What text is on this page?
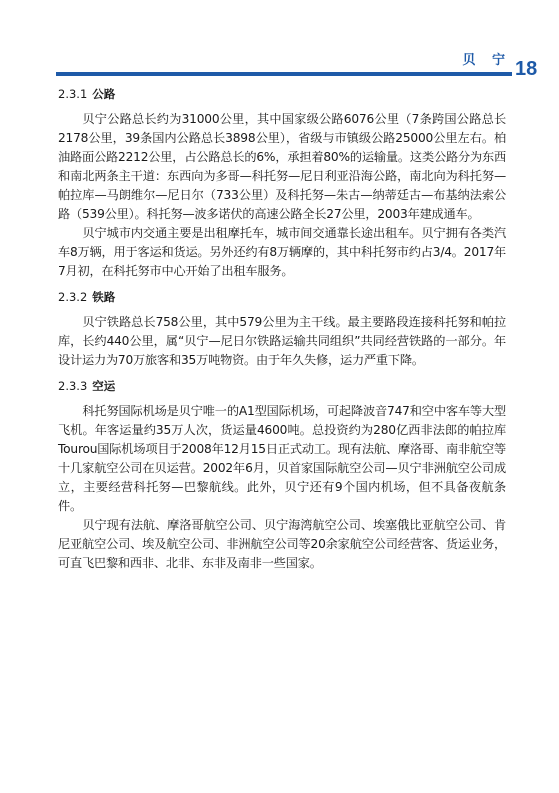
贝 宁 18
2.3.1 公路

贝宁公路总长约为31000公里，其中国家级公路6076公里（7条跨国公路总长2178公里，39条国内公路总长3898公里），省级与市镇级公路25000公里左右。柏油路面公路2212公里，占公路总长的6%，承担着80%的运输量。这类公路分为东西和南北两条主干道：东西向为多哥—科托努—尼日利亚沿海公路，南北向为科托努—帕拉库—马朗维尔—尼日尔（733公里）及科托努—朱古—纳蒂廷古—布基纳法索公路（539公里）。科托努—波多诺伏的高速公路全长27公里，2003年建成通车。

贝宁城市内交通主要是出租摩托车，城市间交通靠长途出租车。贝宁拥有各类汽车8万辆，用于客运和货运。另外还约有8万辆摩的，其中科托努市约占3/4。2017年7月初，在科托努市中心开始了出租车服务。

2.3.2 铁路

贝宁铁路总长758公里，其中579公里为主干线。最主要路段连接科托努和帕拉库，长约440公里，属“贝宁—尼日尔铁路运输共同组织”共同经营铁路的一部分。年设计运力为70万旅客和35万吨物资。由于年久失修，运力严重下降。

2.3.3 空运

科托努国际机场是贝宁唯一的A1型国际机场，可起降波音747和空中客车等大型飞机。年客运量约35万人次，货运量4600吨。总投资约为280亿西非法郎的帕拉库Tourou国际机场项目于2008年12月15日正式动工。现有法航、摩洛哥、南非航空等十几家航空公司在贝运营。2002年6月，贝首家国际航空公司—贝宁非洲航空公司成立，主要经营科托努—巴黎航线。此外，贝宁还有9个国内机场，但不具备夜航条件。

贝宁现有法航、摩洛哥航空公司、贝宁海湾航空公司、埃塞俄比亚航空公司、肯尼亚航空公司、埃及航空公司、非洲航空公司等20余家航空公司经营客、货运业务，可直飞巴黎和西非、北非、东非及南非一些国家。
